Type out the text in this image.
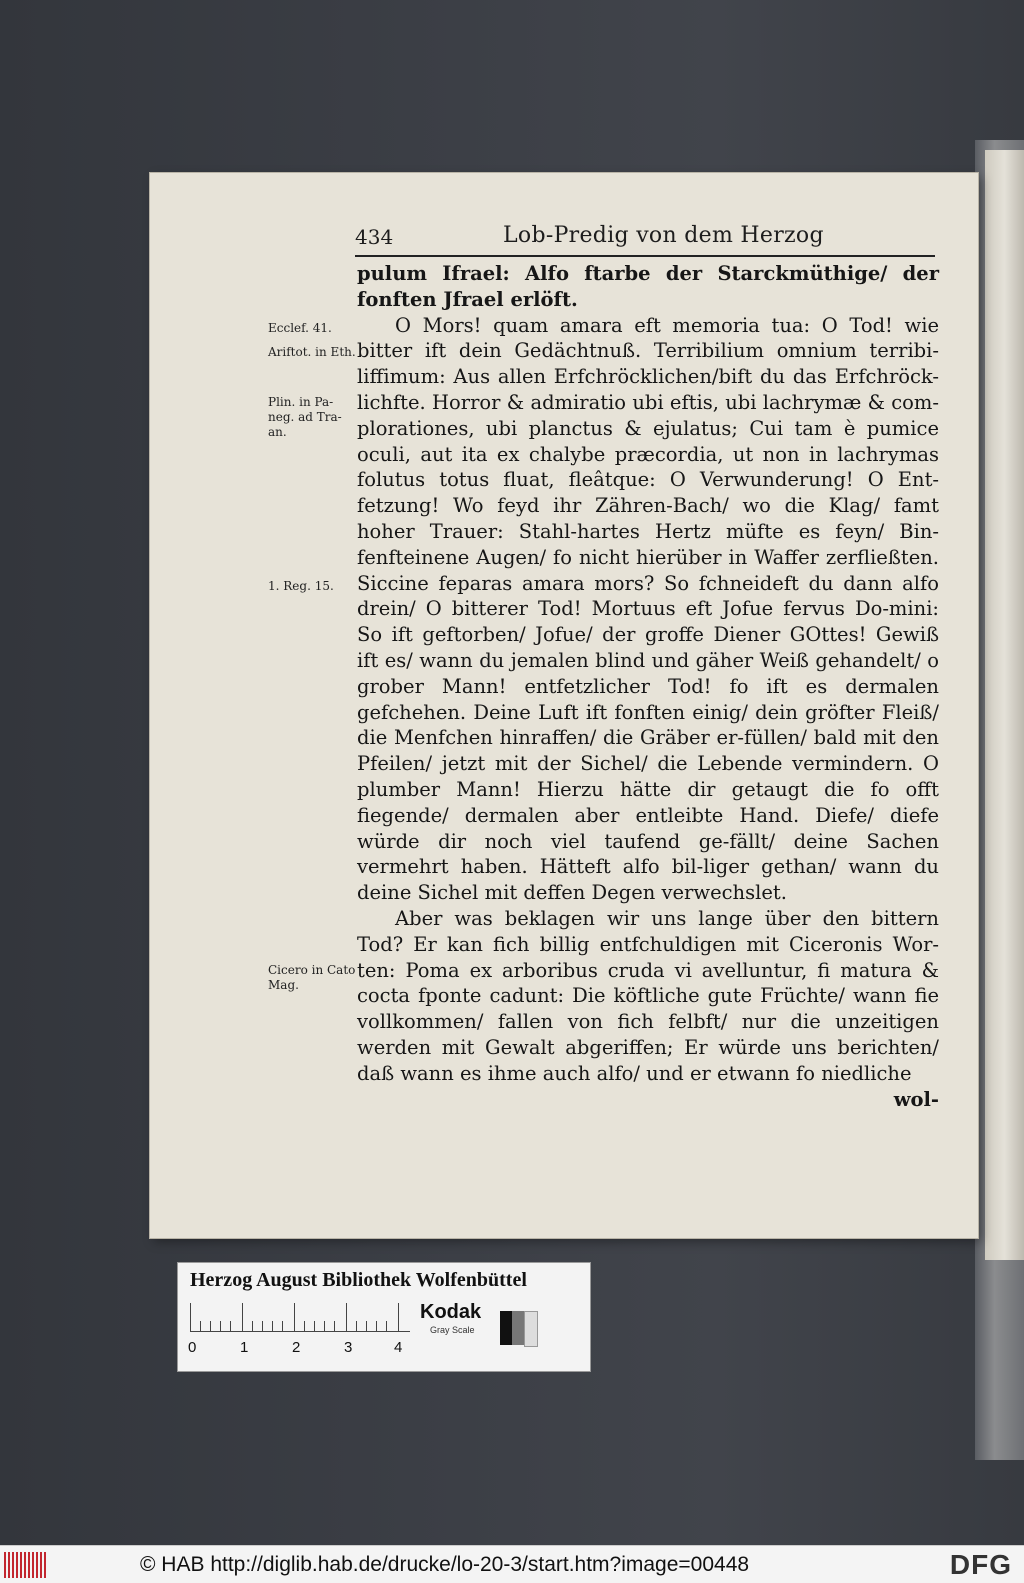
434	Lob-Predig von dem Herzog
Ecclef. 41.
Ariftot. in Eth.
Plin. in Pa-neg. ad Tra-an.
1. Reg. 15.
Cicero in Cato Mag.

pulum Ifrael: Alfo ftarbe der Starckmüthige/ der fonften Jfrael erlöft.

O Mors! quam amara eft memoria tua: O Tod! wie bitter ift dein Gedächtnuß. Terribilium omnium terribi-liffimum: Aus allen Erfchröcklichen/bift du das Erfchröck-lichfte. Horror & admiratio ubi eftis, ubi lachrymæ & com-plorationes, ubi planctus & ejulatus; Cui tam è pumice oculi, aut ita ex chalybe præcordia, ut non in lachrymas folutus totus fluat, fleâtque: O Verwunderung! O Ent-fetzung! Wo feyd ihr Zähren-Bach/ wo die Klag/ famt hoher Trauer: Stahl-hartes Hertz müfte es feyn/ Bin-fenfteinene Augen/ fo nicht hierüber in Waffer zerfließten. Siccine feparas amara mors? So fchneideft du dann alfo drein/ O bitterer Tod! Mortuus eft Jofue fervus Do-mini: So ift geftorben/ Jofue/ der groffe Diener GOttes! Gewiß ift es/ wann du jemalen blind und gäher Weiß gehandelt/ o grober Mann! entfetzlicher Tod! fo ift es dermalen gefchehen. Deine Luft ift fonften einig/ dein gröfter Fleiß/ die Menfchen hinraffen/ die Gräber er-füllen/ bald mit den Pfeilen/ jetzt mit der Sichel/ die Lebende vermindern. O plumber Mann! Hierzu hätte dir getaugt die fo offt fiegende/ dermalen aber entleibte Hand. Diefe/ diefe würde dir noch viel taufend ge-fällt/ deine Sachen vermehrt haben. Hätteft alfo bil-liger gethan/ wann du deine Sichel mit deffen Degen verwechslet.

Aber was beklagen wir uns lange über den bittern Tod? Er kan fich billig entfchuldigen mit Ciceronis Wor-ten: Poma ex arboribus cruda vi avelluntur, fi matura & cocta fponte cadunt: Die köftliche gute Früchte/ wann fie vollkommen/ fallen von fich felbft/ nur die unzeitigen werden mit Gewalt abgeriffen; Er würde uns berichten/ daß wann es ihme auch alfo/ und er etwann fo niedliche

wol-

Herzog August Bibliothek Wolfenbüttel
0	1	2	3	4
Kodak
Gray Scale
© HAB http://diglib.hab.de/drucke/lo-20-3/start.htm?image=00448	DFG
